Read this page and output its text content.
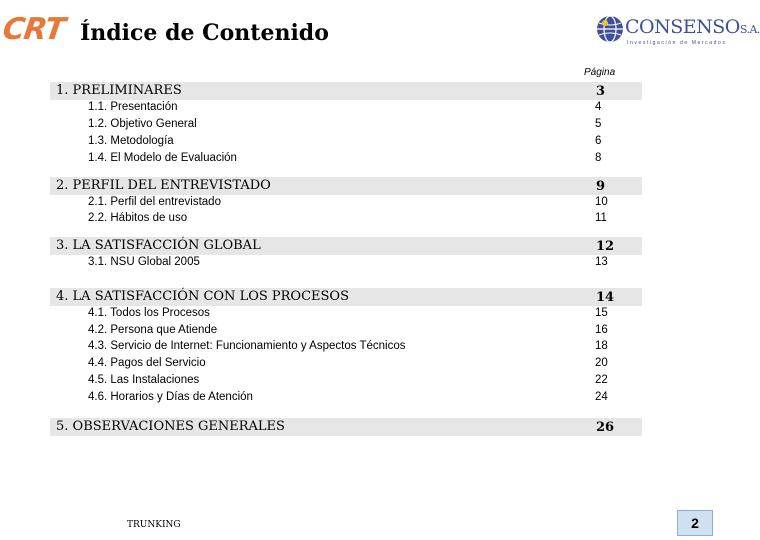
CRT Índice de Contenido	CONSENSOS.A.
Investigación de Mercados
Página
1. PRELIMINARES	3
1.1. Presentación	4
1.2. Objetivo General	5
1.3. Metodología	6
1.4. El Modelo de Evaluación	8
2. PERFIL DEL ENTREVISTADO	9
2.1. Perfil del entrevistado	10
2.2. Hábitos de uso	11
3. LA SATISFACCIÓN GLOBAL	12
3.1. NSU Global 2005	13
4. LA SATISFACCIÓN CON LOS PROCESOS	14
4.1. Todos los Procesos	15
4.2. Persona que Atiende	16
4.3. Servicio de Internet: Funcionamiento y Aspectos Técnicos	18
4.4. Pagos del Servicio	20
4.5. Las Instalaciones	22
4.6. Horarios y Días de Atención	24
5. OBSERVACIONES GENERALES	26
TRUNKING	2
